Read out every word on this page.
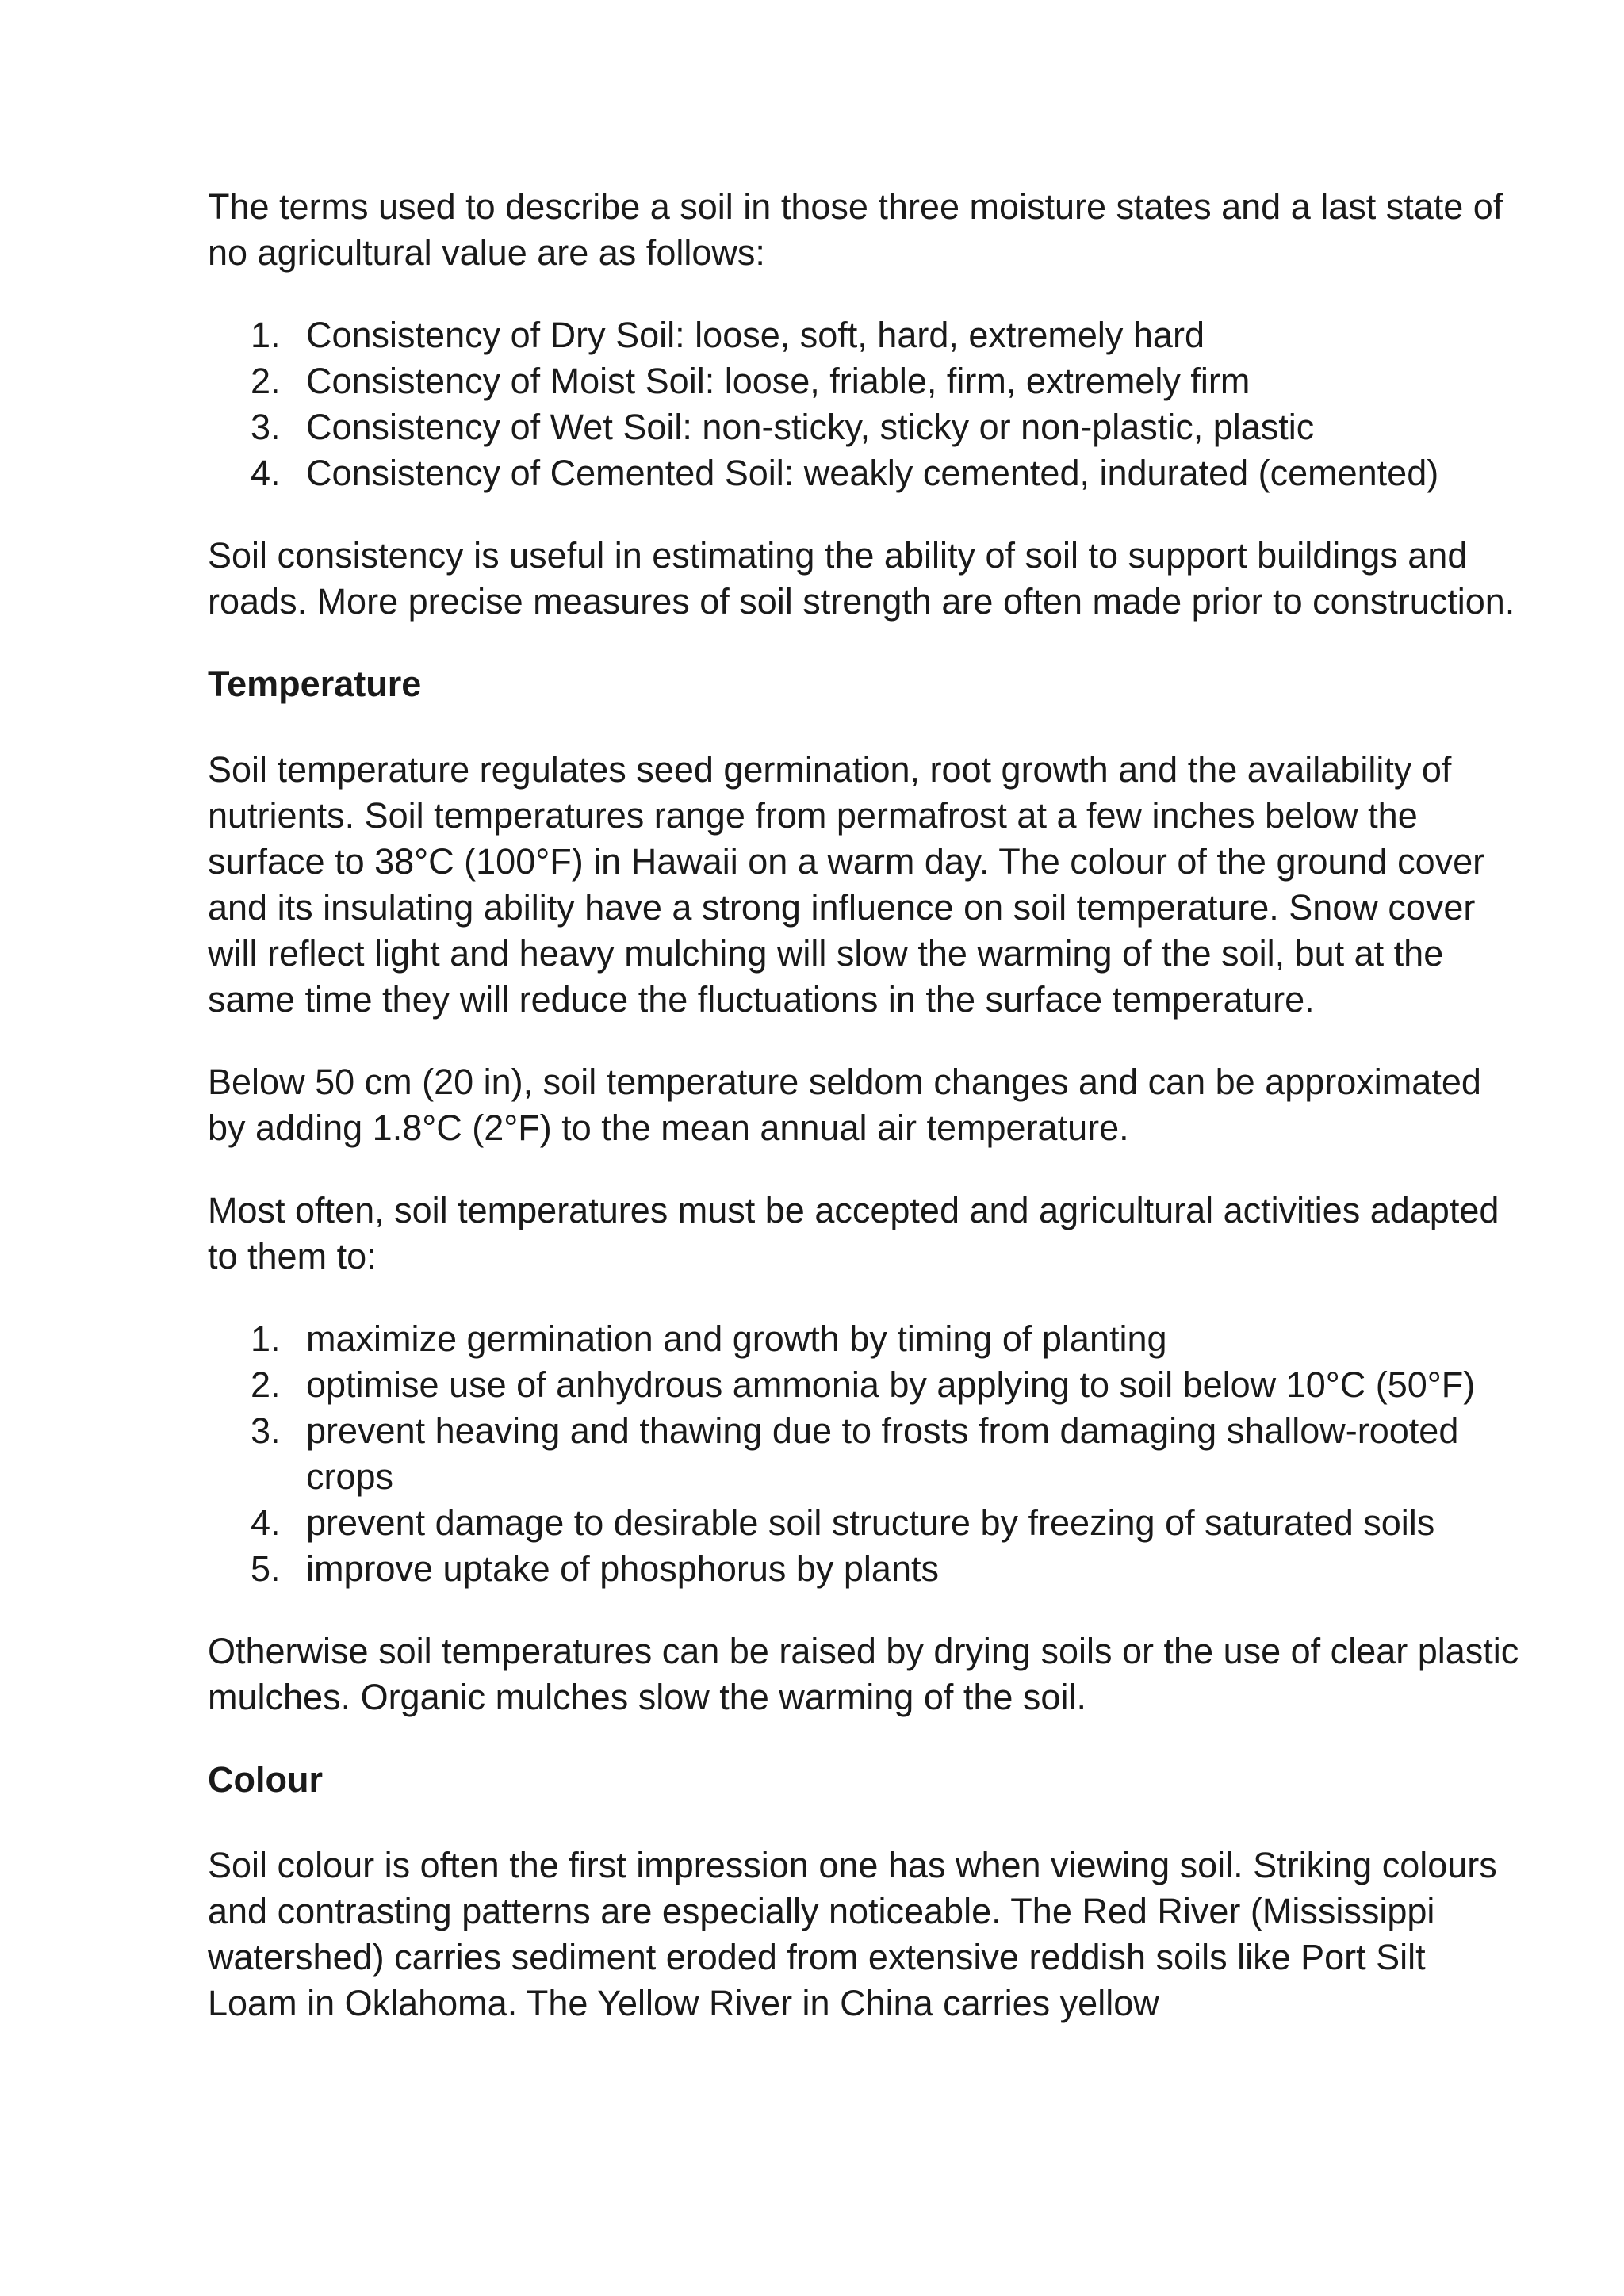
The terms used to describe a soil in those three moisture states and a last state of no agricultural value are as follows:

1. Consistency of Dry Soil: loose, soft, hard, extremely hard
2. Consistency of Moist Soil: loose, friable, firm, extremely firm
3. Consistency of Wet Soil: non-sticky, sticky or non-plastic, plastic
4. Consistency of Cemented Soil: weakly cemented, indurated (cemented)

Soil consistency is useful in estimating the ability of soil to support buildings and roads. More precise measures of soil strength are often made prior to construction.

Temperature

Soil temperature regulates seed germination, root growth and the availability of nutrients. Soil temperatures range from permafrost at a few inches below the surface to 38°C (100°F) in Hawaii on a warm day. The colour of the ground cover and its insulating ability have a strong influence on soil temperature. Snow cover will reflect light and heavy mulching will slow the warming of the soil, but at the same time they will reduce the fluctuations in the surface temperature.

Below 50 cm (20 in), soil temperature seldom changes and can be approximated by adding 1.8°C (2°F) to the mean annual air temperature.

Most often, soil temperatures must be accepted and agricultural activities adapted to them to:

1. maximize germination and growth by timing of planting
2. optimise use of anhydrous ammonia by applying to soil below 10°C (50°F)
3. prevent heaving and thawing due to frosts from damaging shallow-rooted crops
4. prevent damage to desirable soil structure by freezing of saturated soils
5. improve uptake of phosphorus by plants

Otherwise soil temperatures can be raised by drying soils or the use of clear plastic mulches. Organic mulches slow the warming of the soil.

Colour

Soil colour is often the first impression one has when viewing soil. Striking colours and contrasting patterns are especially noticeable. The Red River (Mississippi watershed) carries sediment eroded from extensive reddish soils like Port Silt Loam in Oklahoma. The Yellow River in China carries yellow
